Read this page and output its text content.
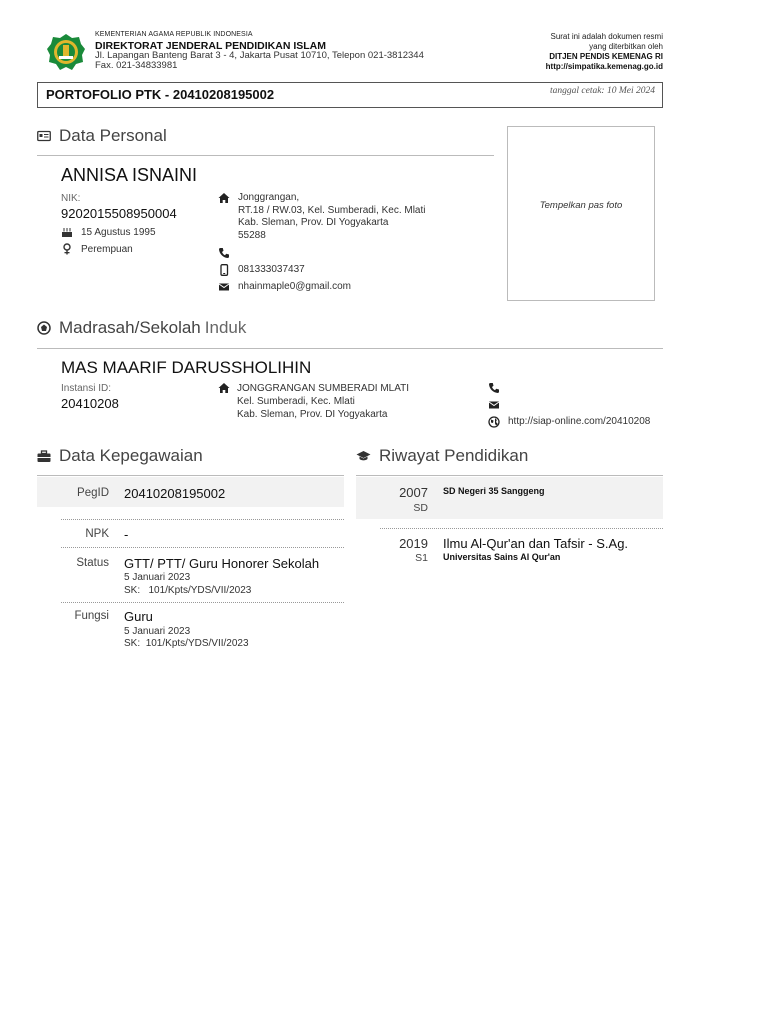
KEMENTERIAN AGAMA REPUBLIK INDONESIA
DIREKTORAT JENDERAL PENDIDIKAN ISLAM
Jl. Lapangan Banteng Barat 3 - 4, Jakarta Pusat 10710, Telepon 021-3812344
Fax. 021-34833981
Surat ini adalah dokumen resmi
yang diterbitkan oleh
DITJEN PENDIS KEMENAG RI
http://simpatika.kemenag.go.id
PORTOFOLIO PTK - 20410208195002	tanggal cetak: 10 Mei 2024
Data Personal
ANNISA ISNAINI
NIK:
9202015508950004
15 Agustus 1995
Perempuan
Jonggrangan,
RT.18 / RW.03, Kel. Sumberadi, Kec. Mlati
Kab. Sleman, Prov. DI Yogyakarta
55288
081333037437
nhainmaple0@gmail.com
Tempelkan pas foto
Madrasah/Sekolah Induk
MAS MAARIF DARUSSHOLIHIN
Instansi ID:
20410208
JONGGRANGAN SUMBERADI MLATI
Kel. Sumberadi, Kec. Mlati
Kab. Sleman, Prov. DI Yogyakarta
http://siap-online.com/20410208
Data Kepegawaian
PegID 20410208195002
NPK -
Status GTT/ PTT/ Guru Honorer Sekolah
5 Januari 2023
SK: 101/Kpts/YDS/VII/2023
Fungsi Guru
5 Januari 2023
SK: 101/Kpts/YDS/VII/2023
Riwayat Pendidikan
2007
SD
SD Negeri 35 Sanggeng
2019
S1
Ilmu Al-Qur'an dan Tafsir - S.Ag.
Universitas Sains Al Qur'an
